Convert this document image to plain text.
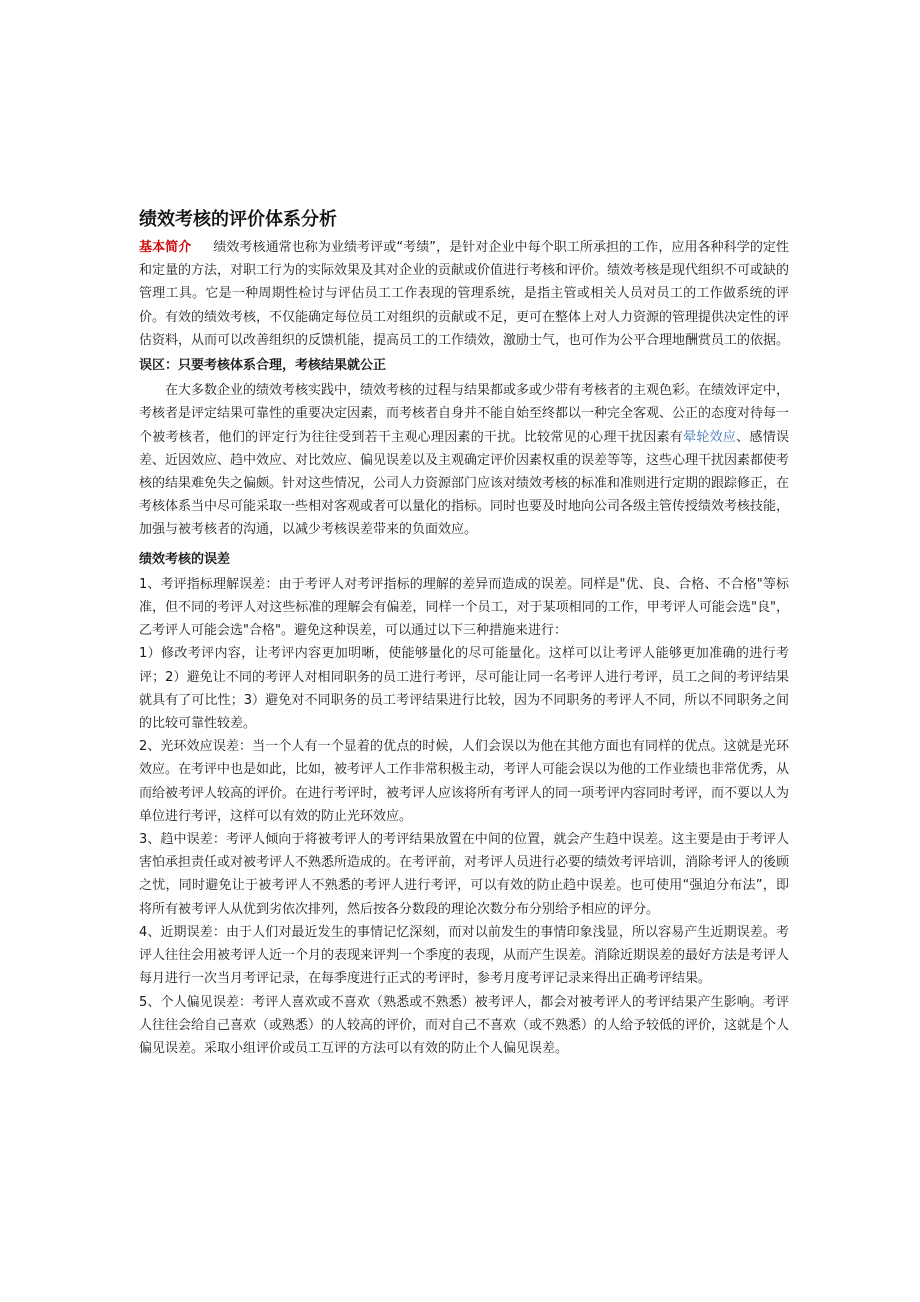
绩效考核的评价体系分析

基本简介 绩效考核通常也称为业绩考评或“考绩”，是针对企业中每个职工所承担的工作，应用各种科学的定性和定量的方法，对职工行为的实际效果及其对企业的贡献或价值进行考核和评价。绩效考核是现代组织不可或缺的管理工具。它是一种周期性检讨与评估员工工作表现的管理系统，是指主管或相关人员对员工的工作做系统的评价。有效的绩效考核，不仅能确定每位员工对组织的贡献或不足，更可在整体上对人力资源的管理提供决定性的评估资料，从而可以改善组织的反馈机能，提高员工的工作绩效，激励士气，也可作为公平合理地酬赏员工的依据。

误区：只要考核体系合理，考核结果就公正

在大多数企业的绩效考核实践中，绩效考核的过程与结果都或多或少带有考核者的主观色彩。在绩效评定中，考核者是评定结果可靠性的重要决定因素，而考核者自身并不能自始至终都以一种完全客观、公正的态度对待每一个被考核者，他们的评定行为往往受到若干主观心理因素的干扰。比较常见的心理干扰因素有晕轮效应、感情误差、近因效应、趋中效应、对比效应、偏见误差以及主观确定评价因素权重的误差等等，这些心理干扰因素都使考核的结果难免失之偏颇。针对这些情况，公司人力资源部门应该对绩效考核的标准和准则进行定期的跟踪修正，在考核体系当中尽可能采取一些相对客观或者可以量化的指标。同时也要及时地向公司各级主管传授绩效考核技能，加强与被考核者的沟通，以减少考核误差带来的负面效应。

绩效考核的误差

1、考评指标理解误差：由于考评人对考评指标的理解的差异而造成的误差。同样是"优、良、合格、不合格"等标准，但不同的考评人对这些标准的理解会有偏差，同样一个员工，对于某项相同的工作，甲考评人可能会选"良"，乙考评人可能会选"合格"。避免这种误差，可以通过以下三种措施来进行：

1）修改考评内容，让考评内容更加明晰，使能够量化的尽可能量化。这样可以让考评人能够更加准确的进行考评；2）避免让不同的考评人对相同职务的员工进行考评，尽可能让同一名考评人进行考评，员工之间的考评结果就具有了可比性；3）避免对不同职务的员工考评结果进行比较，因为不同职务的考评人不同，所以不同职务之间的比较可靠性较差。

2、光环效应误差：当一个人有一个显着的优点的时候，人们会误以为他在其他方面也有同样的优点。这就是光环效应。在考评中也是如此，比如，被考评人工作非常积极主动，考评人可能会误以为他的工作业绩也非常优秀，从而给被考评人较高的评价。在进行考评时，被考评人应该将所有考评人的同一项考评内容同时考评，而不要以人为单位进行考评，这样可以有效的防止光环效应。

3、趋中误差：考评人倾向于将被考评人的考评结果放置在中间的位置，就会产生趋中误差。这主要是由于考评人害怕承担责任或对被考评人不熟悉所造成的。在考评前，对考评人员进行必要的绩效考评培训，消除考评人的後顾之忧，同时避免让于被考评人不熟悉的考评人进行考评，可以有效的防止趋中误差。也可使用“强迫分布法”，即将所有被考评人从优到劣依次排列，然后按各分数段的理论次数分布分别给予相应的评分。

4、近期误差：由于人们对最近发生的事情记忆深刻，而对以前发生的事情印象浅显，所以容易产生近期误差。考评人往往会用被考评人近一个月的表现来评判一个季度的表现，从而产生误差。消除近期误差的最好方法是考评人每月进行一次当月考评记录，在每季度进行正式的考评时，参考月度考评记录来得出正确考评结果。

5、个人偏见误差：考评人喜欢或不喜欢（熟悉或不熟悉）被考评人，都会对被考评人的考评结果产生影响。考评人往往会给自己喜欢（或熟悉）的人较高的评价，而对自己不喜欢（或不熟悉）的人给予较低的评价，这就是个人偏见误差。采取小组评价或员工互评的方法可以有效的防止个人偏见误差。
